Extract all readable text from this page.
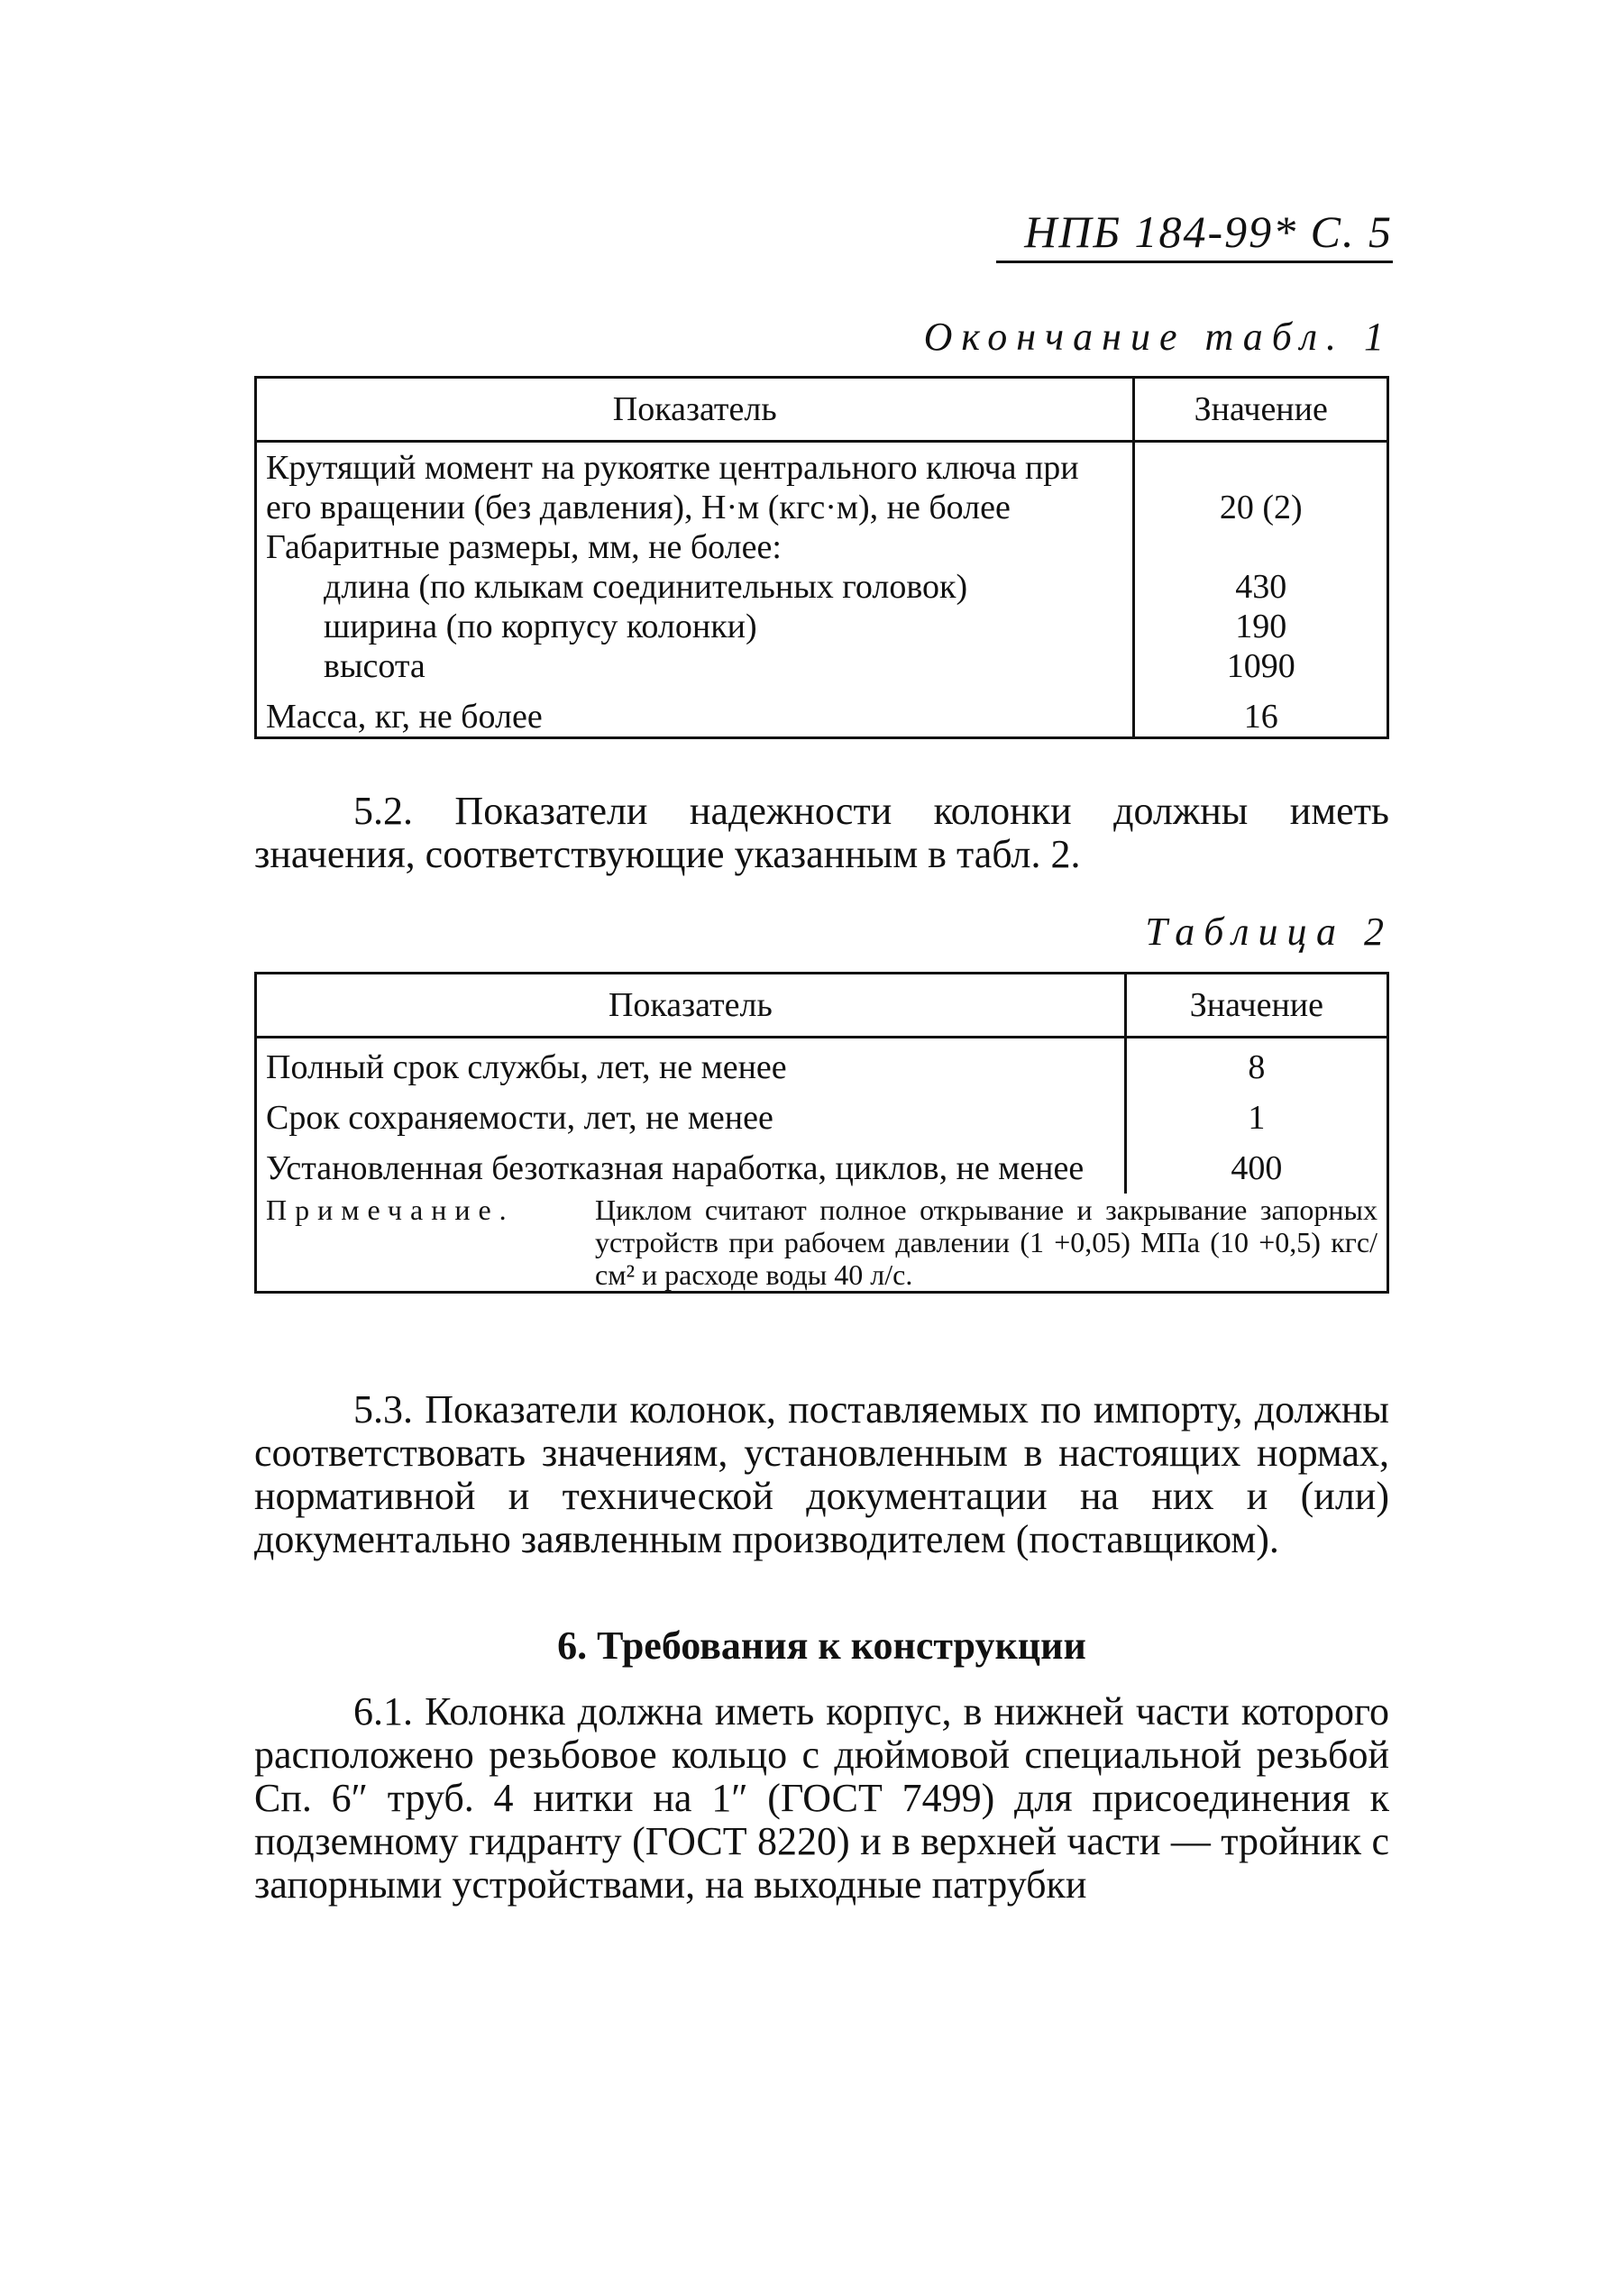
НПБ 184-99* С. 5
Окончание табл. 1
Показатель	Значение
Крутящий момент на рукоятке центрального ключа при его вращении (без давления), Н·м (кгс·м), не более	20 (2)
Габаритные размеры, мм, не более:	
длина (по клыкам соединительных головок)	430
ширина (по корпусу колонки)	190
высота	1090
Масса, кг, не более	16

5.2. Показатели надежности колонки должны иметь значения, соответствующие указанным в табл. 2.

Таблица 2
Показатель	Значение
Полный срок службы, лет, не менее	8
Срок сохраняемости, лет, не менее	1
Установленная безотказная наработка, циклов, не менее	400

Примечание. Циклом считают полное открывание и закрывание запорных устройств при рабочем давлении (1 +0,05) МПа (10 +0,5) кгс/см² и расходе воды 40 л/с.	

5.3. Показатели колонок, поставляемых по импорту, должны соответствовать значениям, установленным в настоящих нормах, нормативной и технической документации на них и (или) документально заявленным производителем (поставщиком).

6. Требования к конструкции

6.1. Колонка должна иметь корпус, в нижней части которого расположено резьбовое кольцо с дюймовой специальной резьбой Сп. 6″ труб. 4 нитки на 1″ (ГОСТ 7499) для присоединения к подземному гидранту (ГОСТ 8220) и в верхней части — тройник с запорными устройствами, на выходные патрубки
